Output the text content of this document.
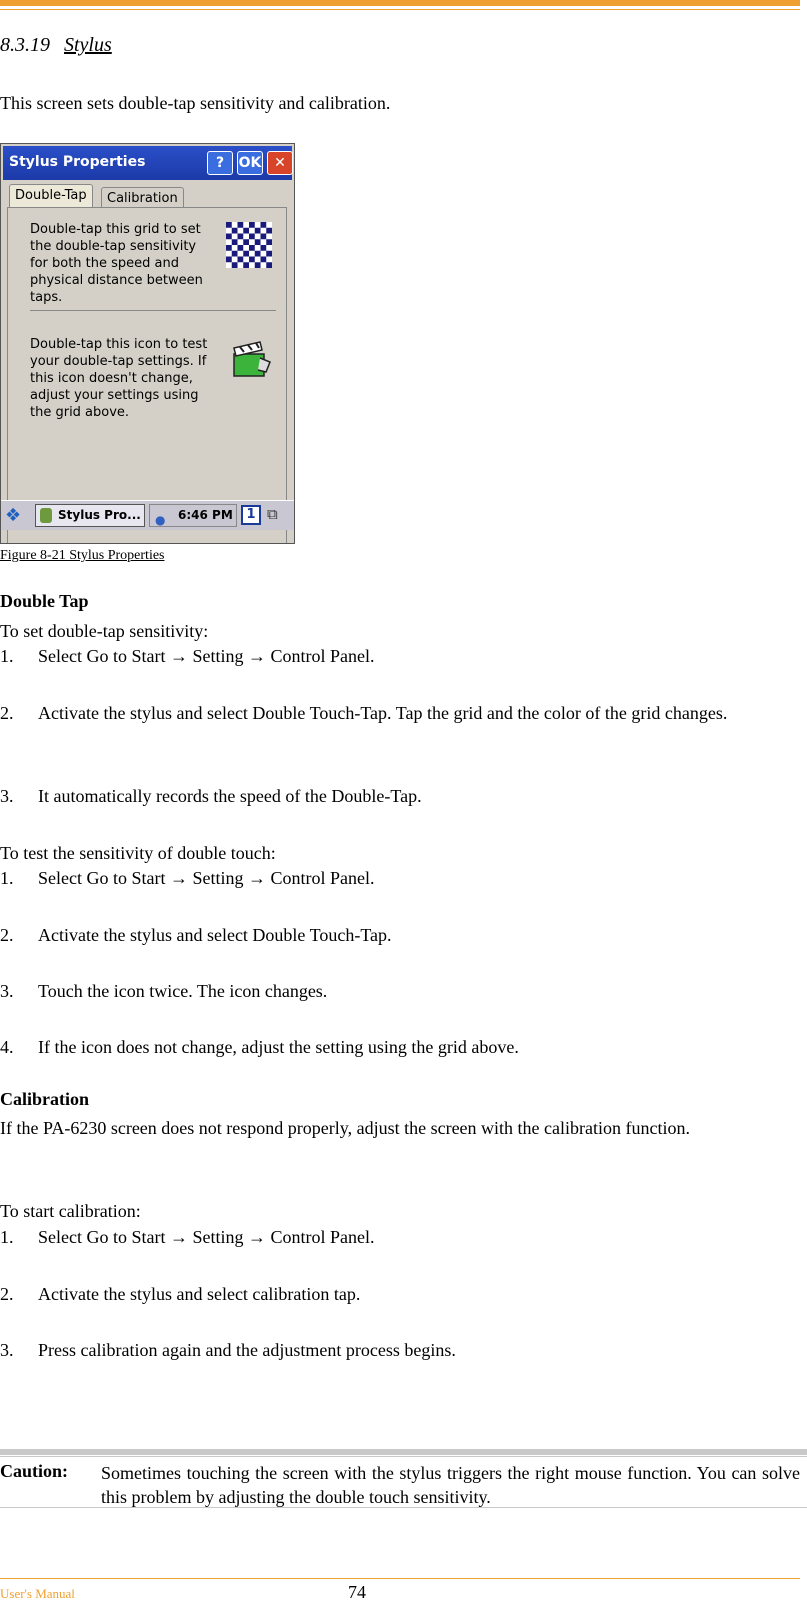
8.3.19 Stylus
This screen sets double-tap sensitivity and calibration.
Stylus Properties	?	OK ✕
Double-Tap	Calibration
Double-tap this grid to set the double-tap sensitivity for both the speed and physical distance between taps.
Double-tap this icon to test your double-tap settings. If this icon doesn't change, adjust your settings using the grid above.
❖	Stylus Pro...	● 6:46 PM	1 ⧉
Figure 8-21 Stylus Properties
Double Tap
To set double-tap sensitivity:
1. Select Go to Start → Setting → Control Panel.
2. Activate the stylus and select Double Touch-Tap. Tap the grid and the color of the grid changes.
3. It automatically records the speed of the Double-Tap.
To test the sensitivity of double touch:
1. Select Go to Start → Setting → Control Panel.
2. Activate the stylus and select Double Touch-Tap.
3. Touch the icon twice. The icon changes.
4. If the icon does not change, adjust the setting using the grid above.
Calibration
If the PA-6230 screen does not respond properly, adjust the screen with the calibration function.
To start calibration:
1. Select Go to Start → Setting → Control Panel.
2. Activate the stylus and select calibration tap.
3. Press calibration again and the adjustment process begins.
Caution: Sometimes touching the screen with the stylus triggers the right mouse function. You can solve this problem by adjusting the double touch sensitivity.
User's Manual	74
